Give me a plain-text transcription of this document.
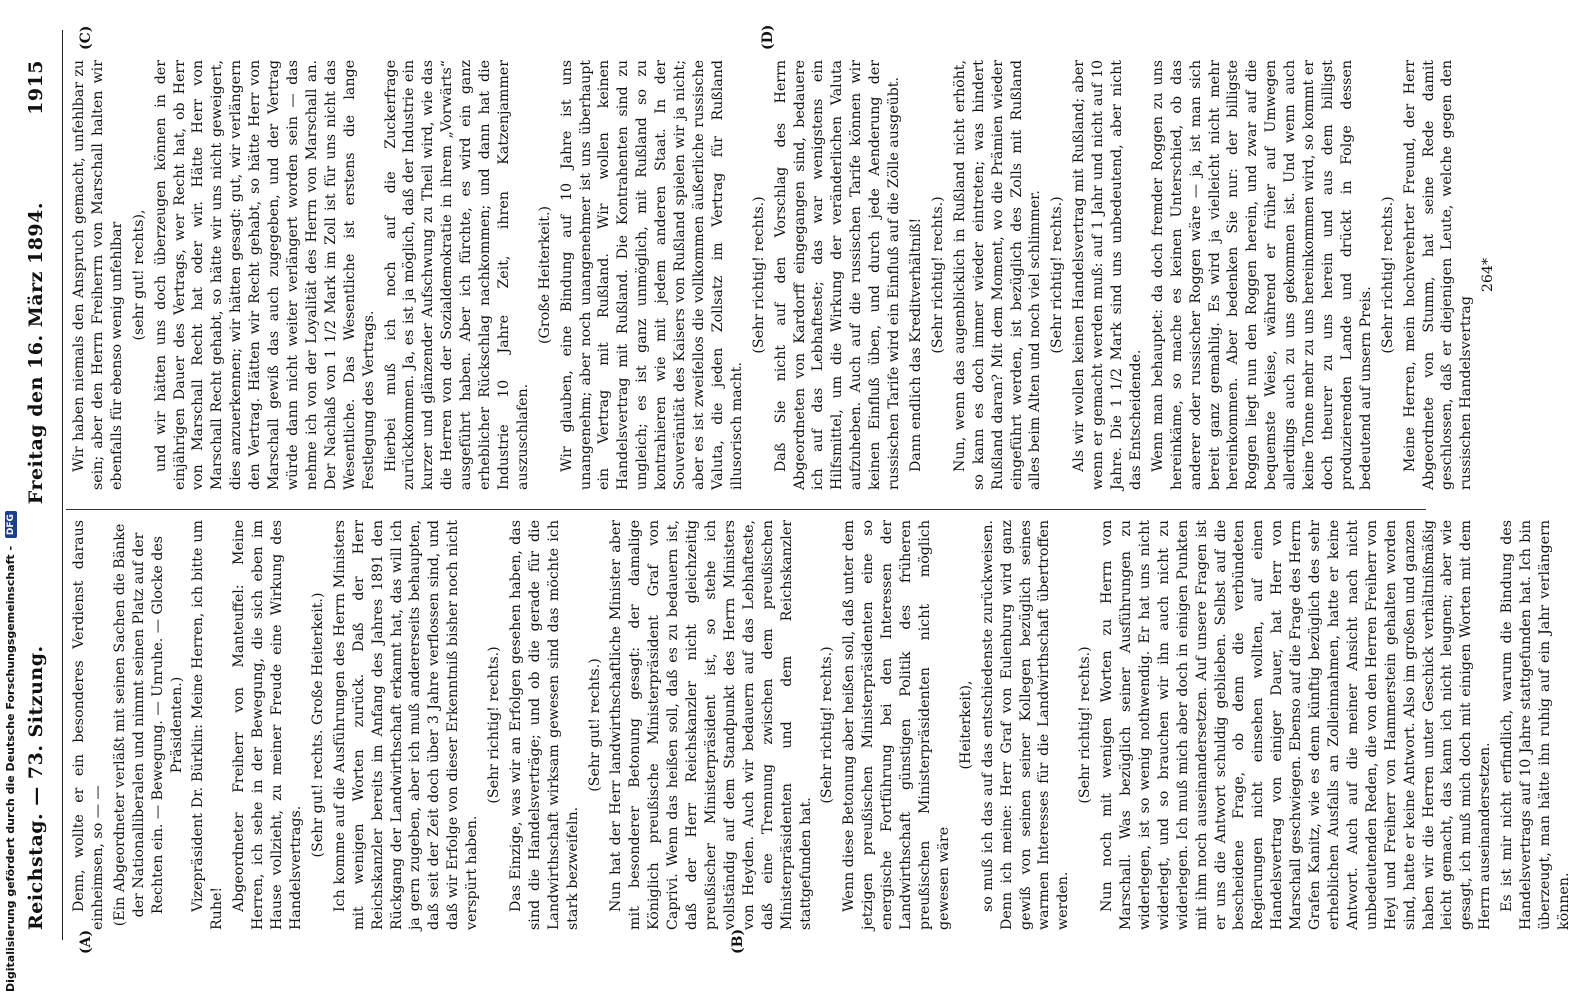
Reichstag. — 73. Sitzung.
Freitag den 16. März 1894. 1915
(A)	(B)
(C)	(D)

Denn, wollte er ein besonderes Verdienst daraus einheimsen, so — — (Ein Abgeordneter verläßt mit seinen Sachen die Bänke der Nationalliberalen und nimmt seinen Platz auf der Rechten ein. — Bewegung. — Unruhe. — Glocke des Präsidenten.) Vizepräsident Dr. Bürklin: Meine Herren, ich bitte um Ruhe! Abgeordneter Freiherr von Manteuffel: Meine Herren, ich sehe in der Bewegung, die sich eben im Hause vollzieht, zu meiner Freude eine Wirkung des Handelsvertrags.

(Sehr gut! rechts. Große Heiterkeit.) Ich komme auf die Ausführungen des Herrn Ministers mit wenigen Worten zurück. Daß der Herr Reichskanzler bereits im Anfang des Jahres 1891 den Rückgang der Landwirthschaft erkannt hat, das will ich ja gern zugeben, aber ich muß andererseits behaupten, daß seit der Zeit doch über 3 Jahre verflossen sind, und daß wir Erfolge von dieser Erkenntniß bisher noch nicht verspürt haben.

(Sehr richtig! rechts.) Das Einzige, was wir an Erfolgen gesehen haben, das sind die Handelsverträge; und ob die gerade für die Landwirthschaft wirksam gewesen sind das möchte ich stark bezweifeln.

(Sehr gut! rechts.) Nun hat der Herr landwirthschaftliche Minister aber mit besonderer Betonung gesagt: der damalige Königlich preußische Ministerpräsident Graf von Caprivi. Wenn das heißen soll, daß es zu bedauern ist, daß der Herr Reichskanzler nicht gleichzeitig preußischer Ministerpräsident ist, so stehe ich vollständig auf dem Standpunkt des Herrn Ministers von Heyden. Auch wir bedauern auf das Lebhafteste, daß eine Trennung zwischen dem preußischen Ministerpräsidenten und dem Reichskanzler stattgefunden hat.

(Sehr richtig! rechts.) Wenn diese Betonung aber heißen soll, daß unter dem jetzigen preußischen Ministerpräsidenten eine so energische Fortführung bei den Interessen der Landwirthschaft günstigen Politik des früheren preußischen Ministerpräsidenten nicht möglich gewesen wäre

(Heiterkeit), so muß ich das auf das entschiedenste zurückweisen. Denn ich meine: Herr Graf von Eulenburg wird ganz gewiß von seinen seiner Kollegen bezüglich seines warmen Interesses für die Landwirthschaft übertroffen werden.

(Sehr richtig! rechts.) Nun noch mit wenigen Worten zu Herrn von Marschall. Was bezüglich seiner Ausführungen zu widerlegen, ist so wenig nothwendig. Er hat uns nicht widerlegt, und so brauchen wir ihn auch nicht zu widerlegen. Ich muß mich aber doch in einigen Punkten mit ihm noch auseinandersetzen. Auf unsere Fragen ist er uns die Antwort schuldig geblieben. Selbst auf die bescheidene Frage, ob denn die verbündeten Regierungen nicht einsehen wollten, auf einen Handelsvertrag von einiger Dauer, hat Herr von Marschall geschwiegen. Ebenso auf die Frage des Herrn Grafen Kanitz, wie es denn künftig bezüglich des sehr erheblichen Ausfalls an Zolleinnahmen, hatte er keine Antwort. Auch auf die meiner Ansicht nach nicht unbedeutenden Reden, die von den Herren Freiherr von Heyl und Freiherr von Hammerstein gehalten worden sind, hatte er keine Antwort. Also im großen und ganzen haben wir die Herren unter Geschick verhältnißmäßig leicht gemacht, das kann ich nicht leugnen; aber wie gesagt, ich muß mich doch mit einigen Worten mit dem Herrn auseinandersetzen. Es ist mir nicht erfindlich, warum die Bindung des Handelsvertrags auf 10 Jahre stattgefunden hat. Ich bin überzeugt, man hätte ihn ruhig auf ein Jahr verlängern können.

Wir haben niemals den Anspruch gemacht, unfehlbar zu sein; aber den Herrn Freiherrn von Marschall halten wir ebenfalls für ebenso wenig unfehlbar (sehr gut! rechts), und wir hätten uns doch überzeugen können in der einjährigen Dauer des Vertrags, wer Recht hat, ob Herr von Marschall Recht hat oder wir. Hätte Herr von Marschall Recht gehabt, so hätte wir uns nicht geweigert, dies anzuerkennen; wir hätten gesagt: gut, wir verlängern den Vertrag. Hätten wir Recht gehabt, so hätte Herr von Marschall gewiß das auch zugegeben, und der Vertrag würde dann nicht weiter verlängert worden sein — das nehme ich von der Loyalität des Herrn von Marschall an. Der Nachlaß von 1 1/2 Mark im Zoll ist für uns nicht das Wesentliche. Das Wesentliche ist erstens die lange Festlegung des Vertrags. Hierbei muß ich noch auf die Zuckerfrage zurückkommen. Ja, es ist ja möglich, daß der Industrie ein kurzer und glänzender Aufschwung zu Theil wird, wie das die Herren von der Sozialdemokratie in ihrem „Vorwärts“ ausgeführt haben. Aber ich fürchte, es wird ein ganz erheblicher Rückschlag nachkommen; und dann hat die Industrie 10 Jahre Zeit, ihren Katzenjammer auszuschlafen.

(Große Heiterkeit.) Wir glauben, eine Bindung auf 10 Jahre ist uns unangenehm; aber noch unangenehmer ist uns überhaupt ein Vertrag mit Rußland. Wir wollen keinen Handelsvertrag mit Rußland. Die Kontrahenten sind zu ungleich; es ist ganz unmöglich, mit Rußland so zu kontrahieren wie mit jedem anderen Staat. In der Souveränität des Kaisers von Rußland spielen wir ja nicht; aber es ist zweifellos die vollkommen äußerliche russische Valuta, die jeden Zollsatz im Vertrag für Rußland illusorisch macht.

(Sehr richtig! rechts.) Daß Sie nicht auf den Vorschlag des Herrn Abgeordneten von Kardorff eingegangen sind, bedauere ich auf das Lebhafteste; das war wenigstens ein Hilfsmittel, um die Wirkung der veränderlichen Valuta aufzuheben. Auch auf die russischen Tarife können wir keinen Einfluß üben, und durch jede Aenderung der russischen Tarife wird ein Einfluß auf die Zölle ausgeübt. Dann endlich das Kreditverhältniß! (Sehr richtig! rechts.) Nun, wenn das augenblicklich in Rußland nicht erhöht, so kann es doch immer wieder eintreten; was hindert Rußland daran? Mit dem Moment, wo die Prämien wieder eingeführt werden, ist bezüglich des Zolls mit Rußland alles beim Alten und noch viel schlimmer. (Sehr richtig! rechts.) Als wir wollen keinen Handelsvertrag mit Rußland; aber wenn er gemacht werden muß: auf 1 Jahr und nicht auf 10 Jahre. Die 1 1/2 Mark sind uns unbedeutend, aber nicht das Entscheidende. Wenn man behauptet: da doch fremder Roggen zu uns hereinkäme, so mache es keinen Unterschied, ob das anderer oder russischer Roggen wäre — ja, ist man sich bereit ganz gemahlig. Es wird ja vielleicht nicht mehr hereinkommen. Aber bedenken Sie nur: der billigste Roggen liegt nun den Roggen herein, und zwar auf die bequemste Weise, während er früher auf Umwegen allerdings auch zu uns gekommen ist. Und wenn auch keine Tonne mehr zu uns hereinkommen wird, so kommt er doch theurer zu uns herein und aus dem billigst produzierenden Lande und drückt in Folge dessen bedeutend auf unsern Preis.

(Sehr richtig! rechts.) Meine Herren, mein hochverehrter Freund, der Herr Abgeordnete von Stumm, hat seine Rede damit geschlossen, daß er diejenigen Leute, welche gegen den russischen Handelsvertrag

264*

Digitalisierung gefördert durch die Deutsche Forschungsgemeinschaft - DFG
